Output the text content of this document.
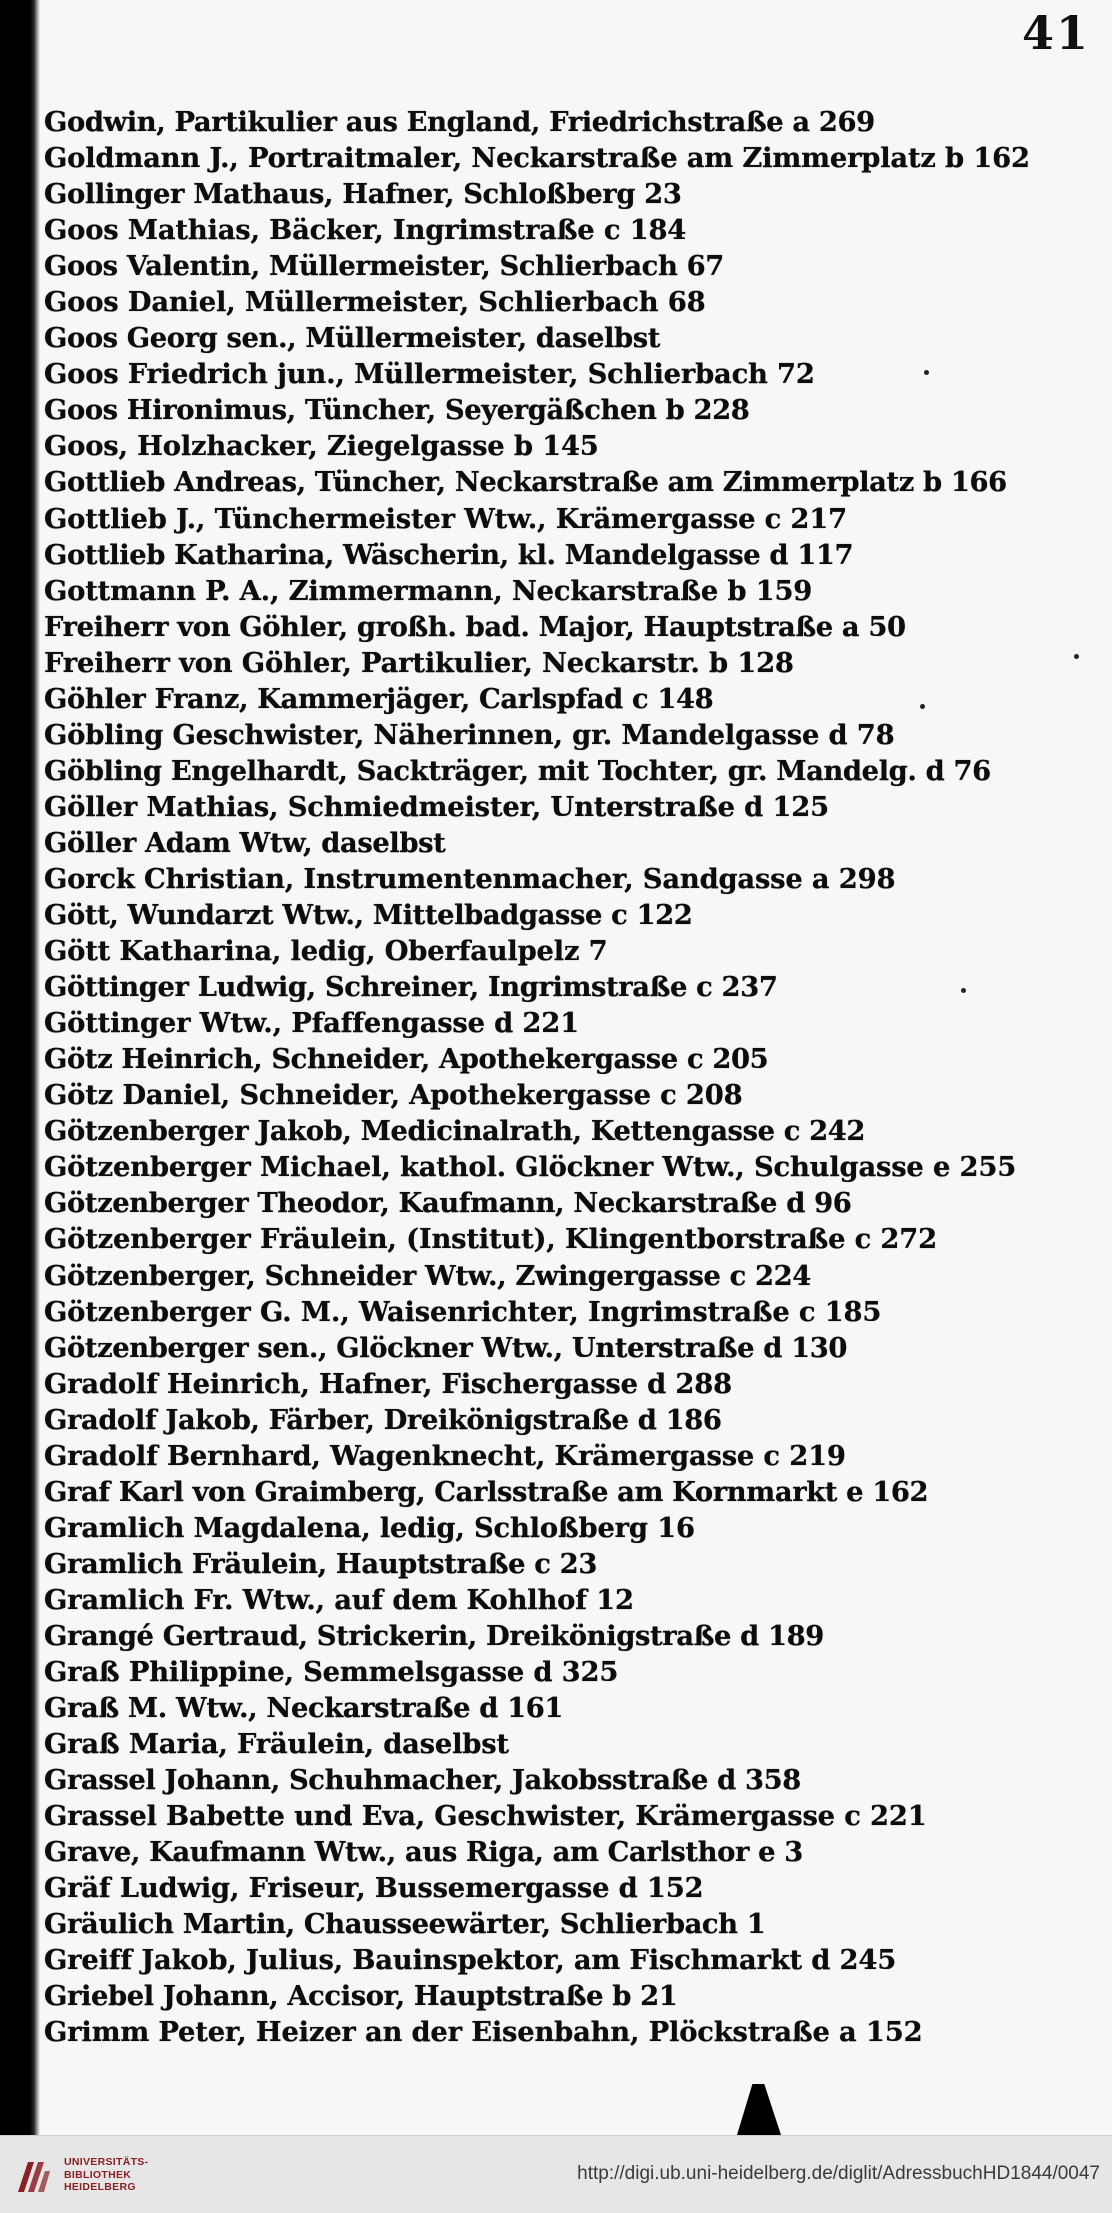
41
Godwin, Partikulier aus England, Friedrichstraße a 269
Goldmann J., Portraitmaler, Neckarstraße am Zimmerplatz b 162
Gollinger Mathaus, Hafner, Schloßberg 23
Goos Mathias, Bäcker, Ingrimstraße c 184
Goos Valentin, Müllermeister, Schlierbach 67
Goos Daniel, Müllermeister, Schlierbach 68
Goos Georg sen., Müllermeister, daselbst
Goos Friedrich jun., Müllermeister, Schlierbach 72
Goos Hironimus, Tüncher, Seyergäßchen b 228
Goos, Holzhacker, Ziegelgasse b 145
Gottlieb Andreas, Tüncher, Neckarstraße am Zimmerplatz b 166
Gottlieb J., Tünchermeister Wtw., Krämergasse c 217
Gottlieb Katharina, Wäscherin, kl. Mandelgasse d 117
Gottmann P. A., Zimmermann, Neckarstraße b 159
Freiherr von Göhler, großh. bad. Major, Hauptstraße a 50
Freiherr von Göhler, Partikulier, Neckarstr. b 128
Göhler Franz, Kammerjäger, Carlspfad c 148
Göbling Geschwister, Näherinnen, gr. Mandelgasse d 78
Göbling Engelhardt, Sackträger, mit Tochter, gr. Mandelg. d 76
Göller Mathias, Schmiedmeister, Unterstraße d 125
Göller Adam Wtw, daselbst
Gorck Christian, Instrumentenmacher, Sandgasse a 298
Gött, Wundarzt Wtw., Mittelbadgasse c 122
Gött Katharina, ledig, Oberfaulpelz 7
Göttinger Ludwig, Schreiner, Ingrimstraße c 237
Göttinger Wtw., Pfaffengasse d 221
Götz Heinrich, Schneider, Apothekergasse c 205
Götz Daniel, Schneider, Apothekergasse c 208
Götzenberger Jakob, Medicinalrath, Kettengasse c 242
Götzenberger Michael, kathol. Glöckner Wtw., Schulgasse e 255
Götzenberger Theodor, Kaufmann, Neckarstraße d 96
Götzenberger Fräulein, (Institut), Klingentborstraße c 272
Götzenberger, Schneider Wtw., Zwingergasse c 224
Götzenberger G. M., Waisenrichter, Ingrimstraße c 185
Götzenberger sen., Glöckner Wtw., Unterstraße d 130
Gradolf Heinrich, Hafner, Fischergasse d 288
Gradolf Jakob, Färber, Dreikönigstraße d 186
Gradolf Bernhard, Wagenknecht, Krämergasse c 219
Graf Karl von Graimberg, Carlsstraße am Kornmarkt e 162
Gramlich Magdalena, ledig, Schloßberg 16
Gramlich Fräulein, Hauptstraße c 23
Gramlich Fr. Wtw., auf dem Kohlhof 12
Grangé Gertraud, Strickerin, Dreikönigstraße d 189
Graß Philippine, Semmelsgasse d 325
Graß M. Wtw., Neckarstraße d 161
Graß Maria, Fräulein, daselbst
Grassel Johann, Schuhmacher, Jakobsstraße d 358
Grassel Babette und Eva, Geschwister, Krämergasse c 221
Grave, Kaufmann Wtw., aus Riga, am Carlsthor e 3
Gräf Ludwig, Friseur, Bussemergasse d 152
Gräulich Martin, Chausseewärter, Schlierbach 1
Greiff Jakob, Julius, Bauinspektor, am Fischmarkt d 245
Griebel Johann, Accisor, Hauptstraße b 21
Grimm Peter, Heizer an der Eisenbahn, Plöckstraße a 152
UNIVERSITÄTS-
BIBLIOTHEK
HEIDELBERG
http://digi.ub.uni-heidelberg.de/diglit/AdressbuchHD1844/0047
